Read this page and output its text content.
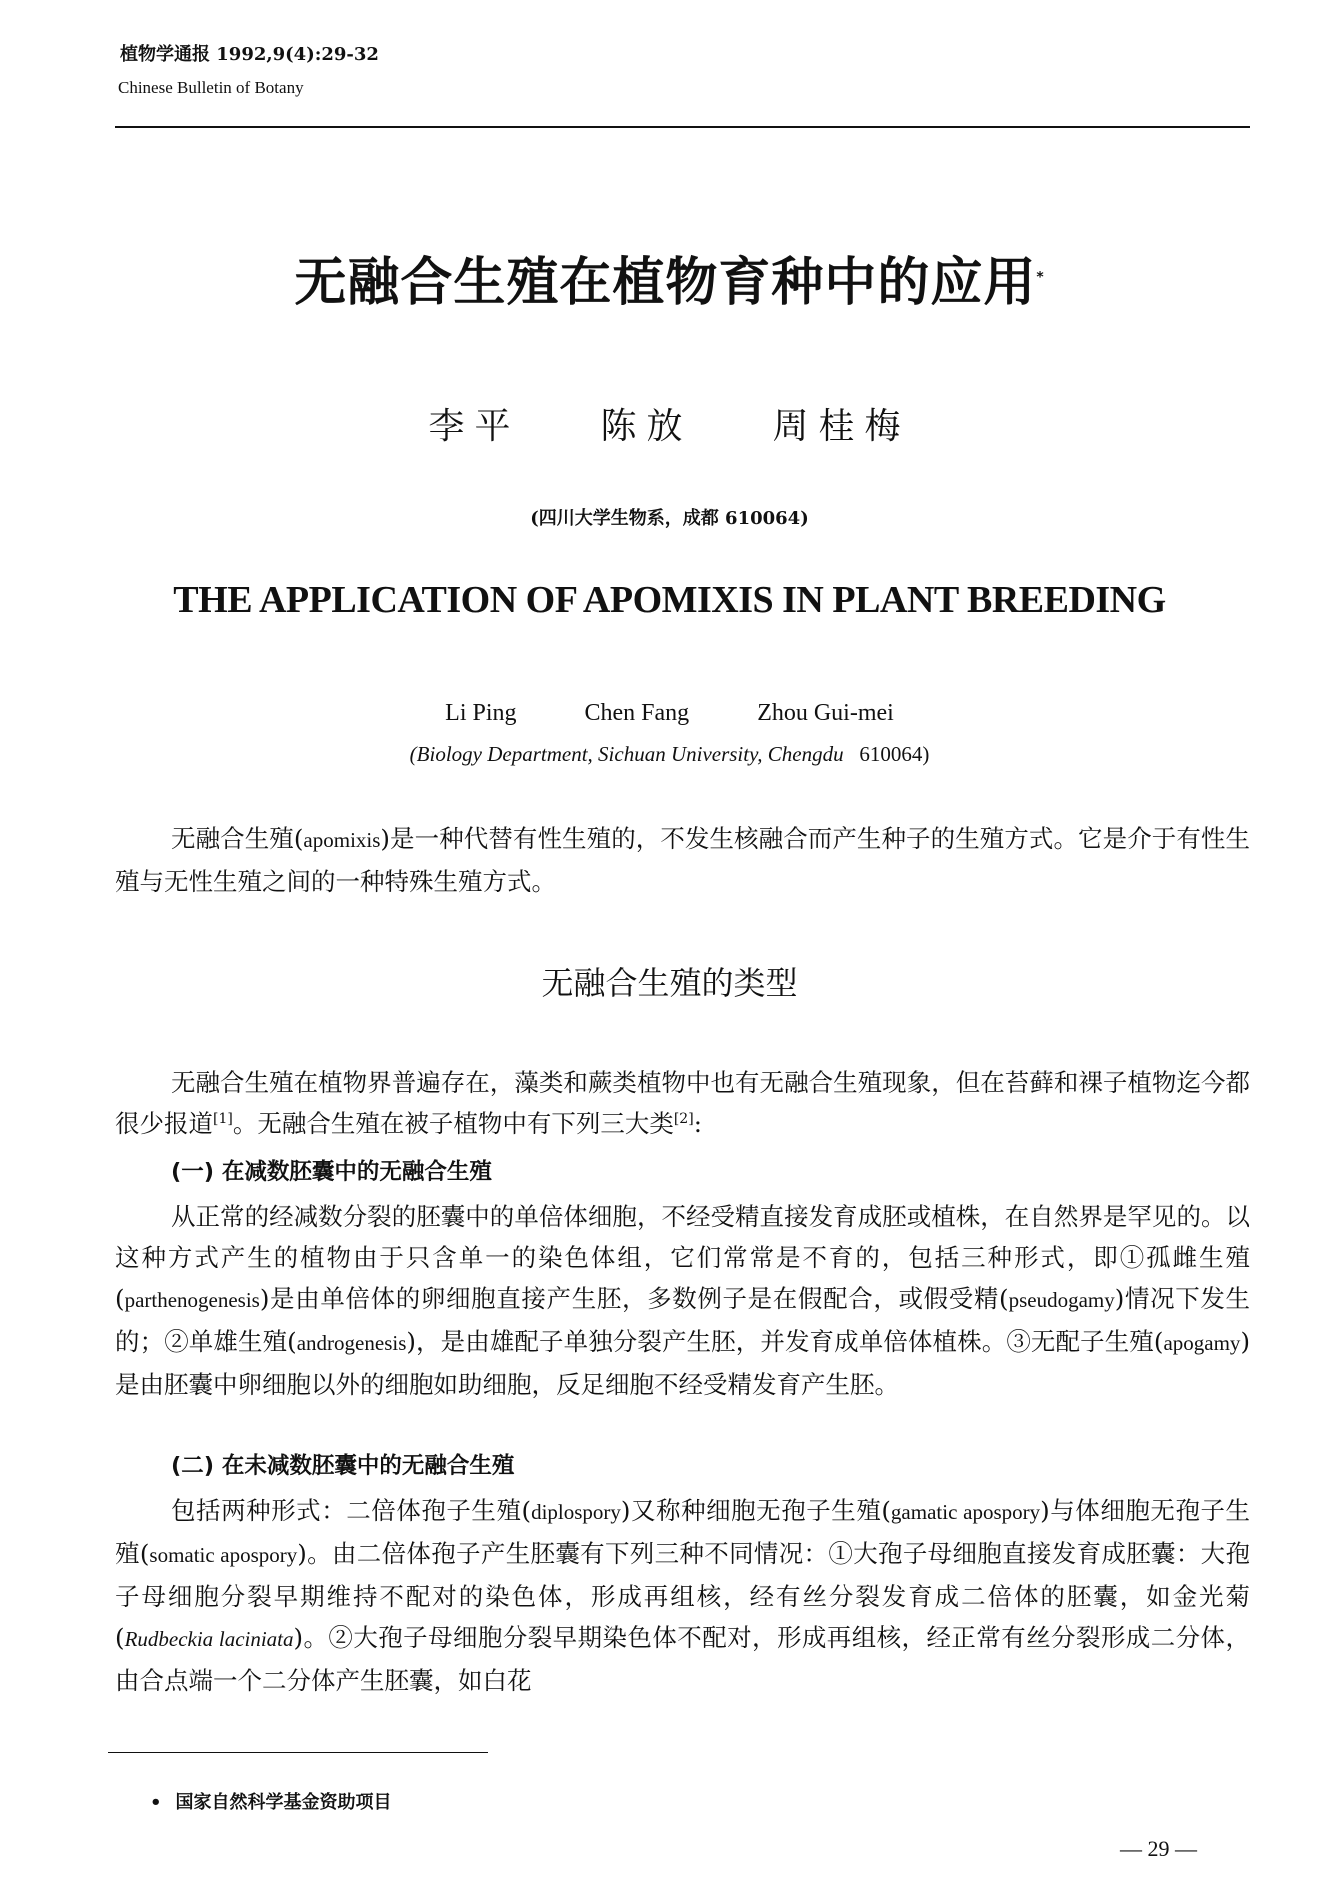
植物学通报 1992,9(4):29-32
Chinese Bulletin of Botany
无融合生殖在植物育种中的应用*
李平 陈放 周桂梅
(四川大学生物系，成都 610064)
THE APPLICATION OF APOMIXIS IN PLANT BREEDING
Li Ping	Chen Fang	Zhou Gui-mei
(Biology Department, Sichuan University, Chengdu 610064)
无融合生殖(apomixis)是一种代替有性生殖的，不发生核融合而产生种子的生殖方式。它是介于有性生殖与无性生殖之间的一种特殊生殖方式。
无融合生殖的类型
无融合生殖在植物界普遍存在，藻类和蕨类植物中也有无融合生殖现象，但在苔藓和裸子植物迄今都很少报道[1]。无融合生殖在被子植物中有下列三大类[2]:
(一) 在减数胚囊中的无融合生殖
从正常的经减数分裂的胚囊中的单倍体细胞，不经受精直接发育成胚或植株，在自然界是罕见的。以这种方式产生的植物由于只含单一的染色体组，它们常常是不育的，包括三种形式，即①孤雌生殖(parthenogenesis)是由单倍体的卵细胞直接产生胚，多数例子是在假配合，或假受精(pseudogamy)情况下发生的；②单雄生殖(androgenesis)，是由雄配子单独分裂产生胚，并发育成单倍体植株。③无配子生殖(apogamy)是由胚囊中卵细胞以外的细胞如助细胞，反足细胞不经受精发育产生胚。
(二) 在未减数胚囊中的无融合生殖
包括两种形式：二倍体孢子生殖(diplospory)又称种细胞无孢子生殖(gamatic apospory)与体细胞无孢子生殖(somatic apospory)。由二倍体孢子产生胚囊有下列三种不同情况：①大孢子母细胞直接发育成胚囊：大孢子母细胞分裂早期维持不配对的染色体，形成再组核，经有丝分裂发育成二倍体的胚囊，如金光菊(Rudbeckia laciniata)。②大孢子母细胞分裂早期染色体不配对，形成再组核，经正常有丝分裂形成二分体，由合点端一个二分体产生胚囊，如白花
• 国家自然科学基金资助项目
— 29 —
